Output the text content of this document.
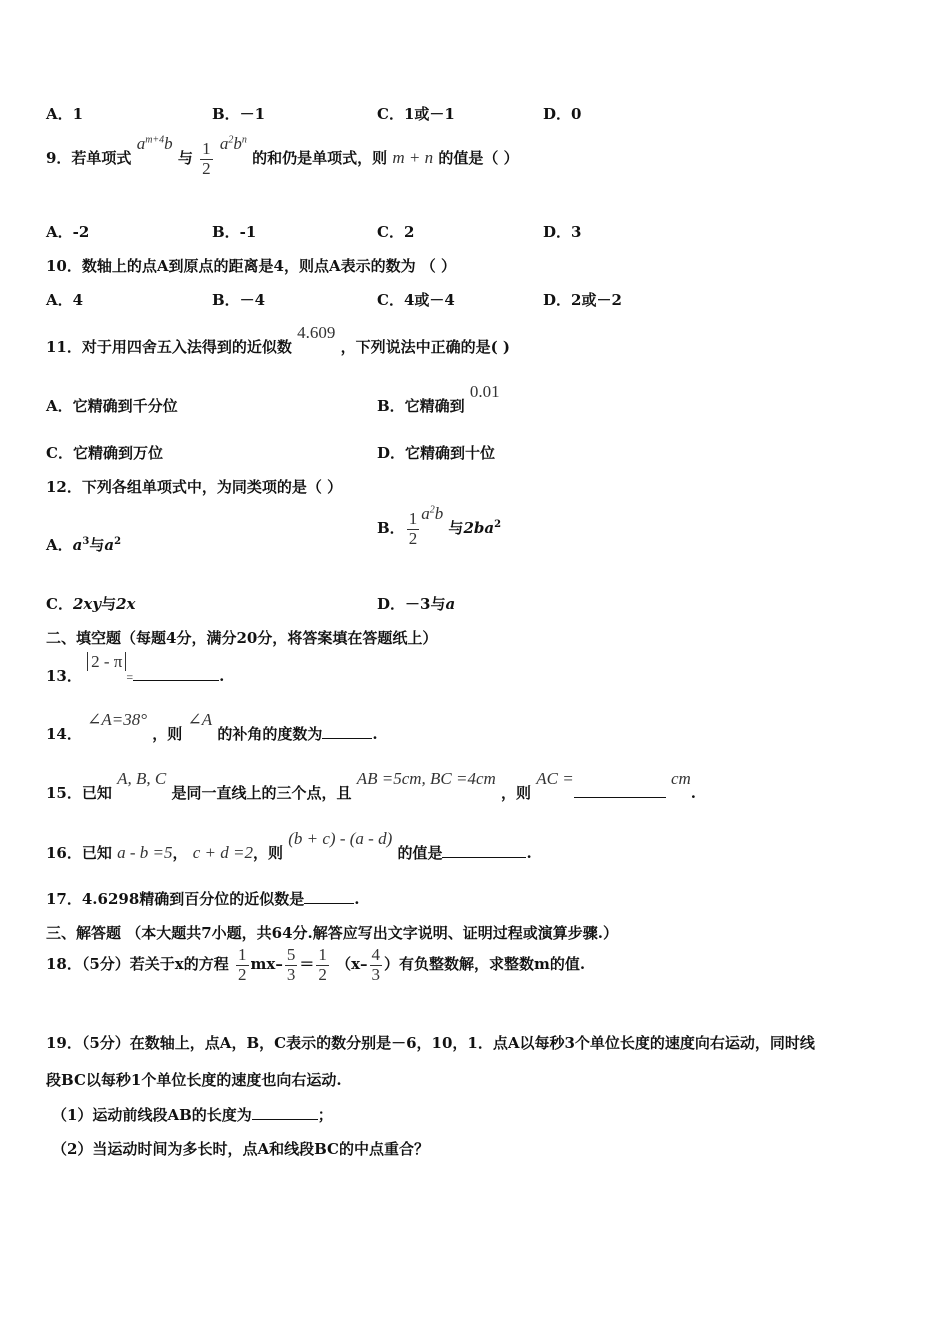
A．1	B．－1	C．1或－1	D．0
9．若单项式 $a^{m+4}b$ 与 $\frac{1}{2} a^2b^n$ 的和仍是单项式，则 m + n 的值是（ ）
A．-2	B．-1	C．2	D．3
10．数轴上的点A到原点的距离是4，则点A表示的数为 （ ）
A．4	B．－4	C．4或－4	D．2或－2
11．对于用四舍五入法得到的近似数 4.609 ，下列说法中正确的是( )
A．它精确到千分位	B．它精确到 0.01
C．它精确到万位	D．它精确到十位
12．下列各组单项式中，为同类项的是（ ）
A．$a^3$与$a^2$
B． $\frac{1}{2} a^2b$ 与$2ba^2$
C．2xy与2x	D．－3与a
二、填空题（每题4分，满分20分，将答案填在答题纸上）
13． 2 - π=	.
14． ∠A=38° ，则 ∠A 的补角的度数为	.
15．已知 A, B, C 是同一直线上的三个点，且 AB =5cm, BC =4cm ，则 AC =	cm.
16．已知 a - b =5， c + d =2，则 (b + c) - (a - d) 的值是	.
17．4.6298精确到百分位的近似数是	.
三、解答题 （本大题共7小题，共64分.解答应写出文字说明、证明过程或演算步骤.）
18．（5分）若关于x的方程 $\frac{1}{2} mx- \frac{5}{3} = \frac{1}{2} (x- \frac{4}{3}$ ）有负整数解，求整数m的值.
19．（5分）在数轴上，点A，B，C表示的数分别是－6，10，1．点A以每秒3个单位长度的速度向右运动，同时线
段BC以每秒1个单位长度的速度也向右运动.
（1）运动前线段AB的长度为	；
（2）当运动时间为多长时，点A和线段BC的中点重合？
